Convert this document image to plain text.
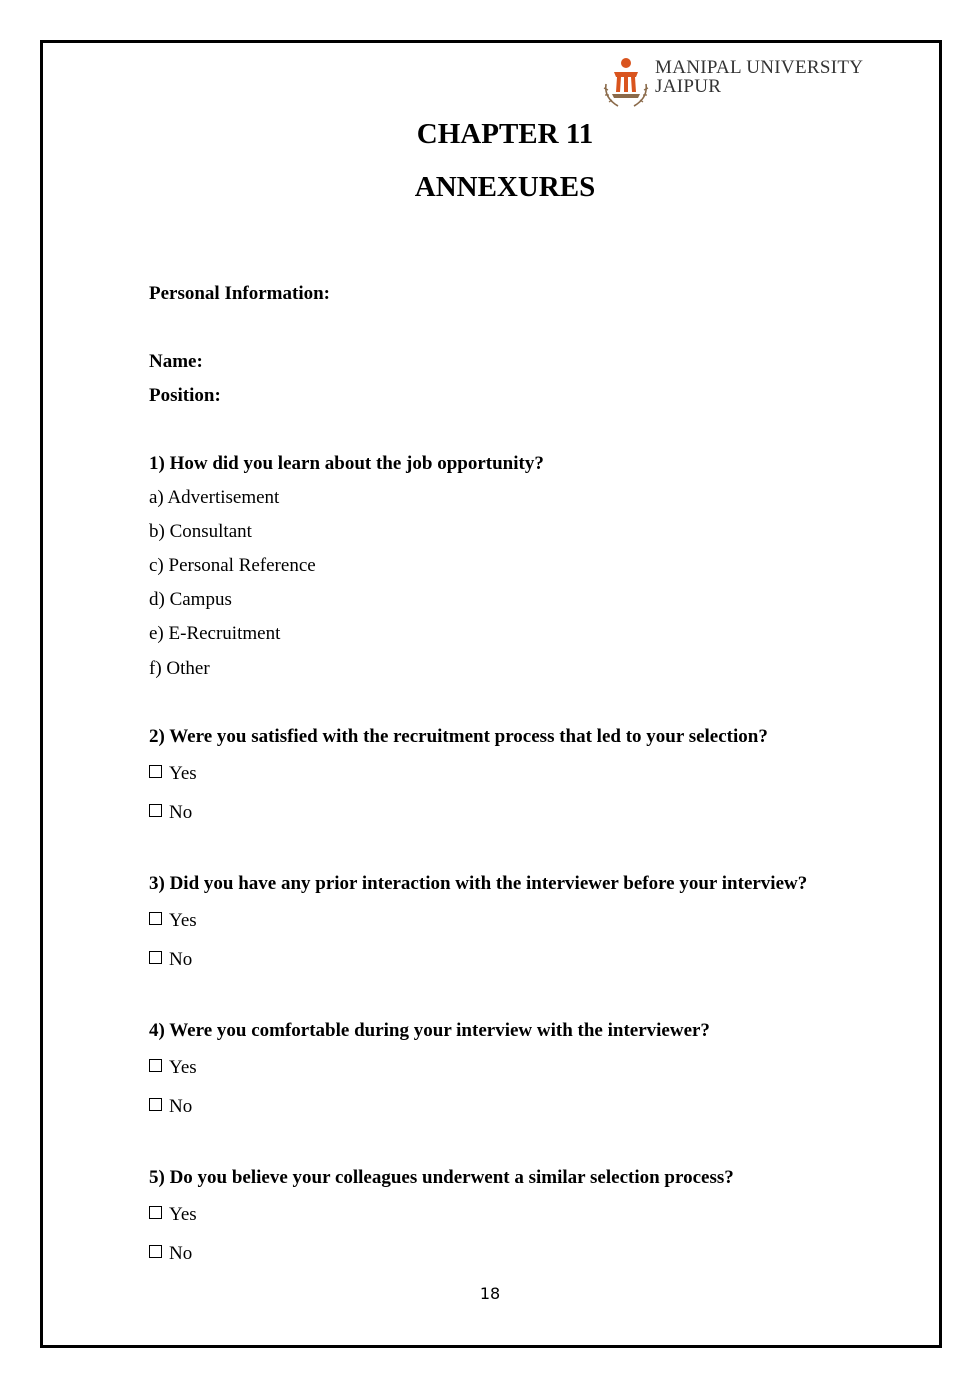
MANIPAL UNIVERSITY
JAIPUR
CHAPTER 11
ANNEXURES
Personal Information:
Name:
Position:
1) How did you learn about the job opportunity?
a) Advertisement
b) Consultant
c) Personal Reference
d) Campus
e) E-Recruitment
f) Other
2) Were you satisfied with the recruitment process that led to your selection?
Yes
No
3) Did you have any prior interaction with the interviewer before your interview?
Yes
No
4) Were you comfortable during your interview with the interviewer?
Yes
No
5) Do you believe your colleagues underwent a similar selection process?
Yes
No
18
